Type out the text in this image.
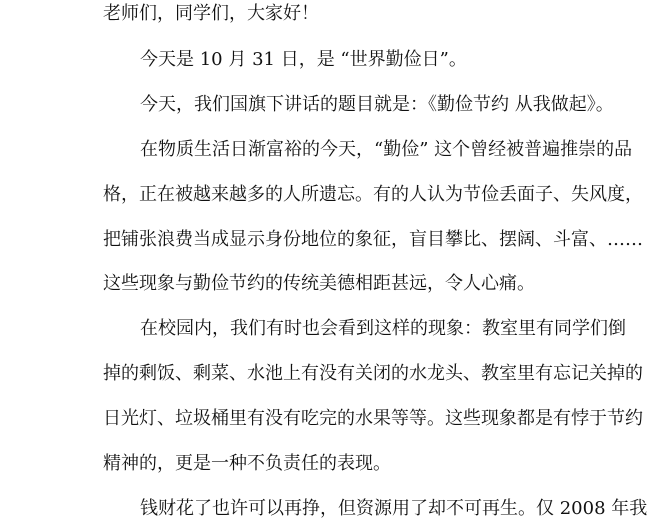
老师们，同学们，大家好！
今天是 10 月 31 日，是 “世界勤俭日”。
今天，我们国旗下讲话的题目就是：《勤俭节约 从我做起》。
在物质生活日渐富裕的今天，“勤俭” 这个曾经被普遍推崇的品
格，正在被越来越多的人所遗忘。有的人认为节俭丢面子、失风度，
把铺张浪费当成显示身份地位的象征，盲目攀比、摆阔、斗富、……
这些现象与勤俭节约的传统美德相距甚远，令人心痛。
在校园内，我们有时也会看到这样的现象：教室里有同学们倒
掉的剩饭、剩菜、水池上有没有关闭的水龙头、教室里有忘记关掉的
日光灯、垃圾桶里有没有吃完的水果等等。这些现象都是有悖于节约
精神的，更是一种不负责任的表现。
钱财花了也许可以再挣，但资源用了却不可再生。仅 2008 年我
